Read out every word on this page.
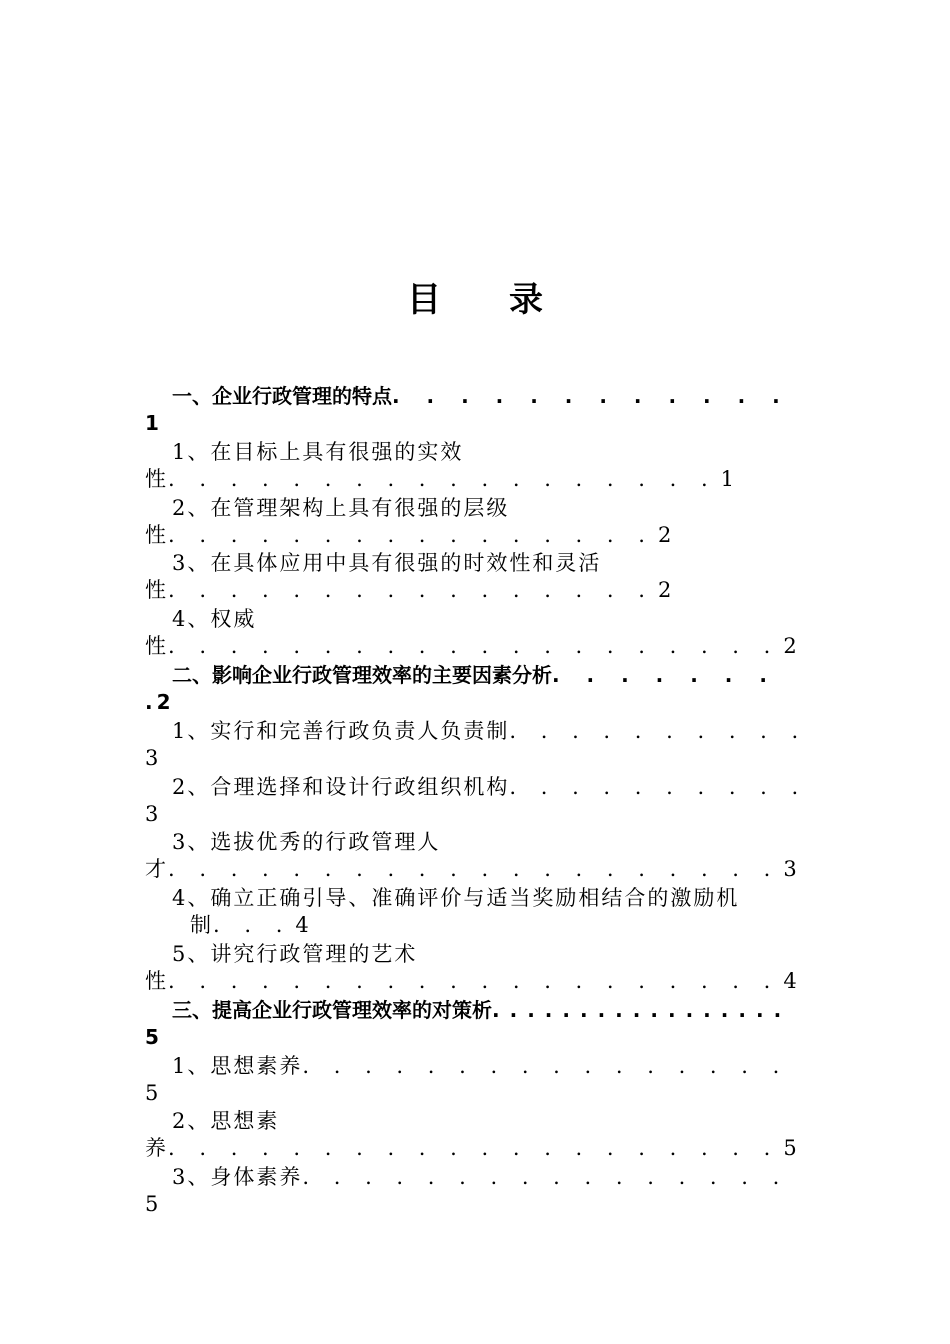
目 录
一、企业行政管理的特点. . . . . . . . . . . .
1
1、在目标上具有很强的实效
性. . . . . . . . . . . . . . . . . . 1
2、在管理架构上具有很强的层级
性. . . . . . . . . . . . . . . . 2
3、在具体应用中具有很强的时效性和灵活
性. . . . . . . . . . . . . . . . 2
4、权威
性. . . . . . . . . . . . . . . . . . . . 2
二、影响企业行政管理效率的主要因素分析. . . . . . .
. 2
1、实行和完善行政负责人负责制. . . . . . . . . .
3
2、合理选择和设计行政组织机构. . . . . . . . . .
3
3、选拔优秀的行政管理人
才. . . . . . . . . . . . . . . . . . . . 3
4、确立正确引导、准确评价与适当奖励相结合的激励机
制. . . 4
5、讲究行政管理的艺术
性. . . . . . . . . . . . . . . . . . . . 4
三、提高企业行政管理效率的对策析.................
5
1、思想素养. . . . . . . . . . . . . . . .
5
2、思想素
养. . . . . . . . . . . . . . . . . . . . 5
3、身体素养. . . . . . . . . . . . . . . .
5
